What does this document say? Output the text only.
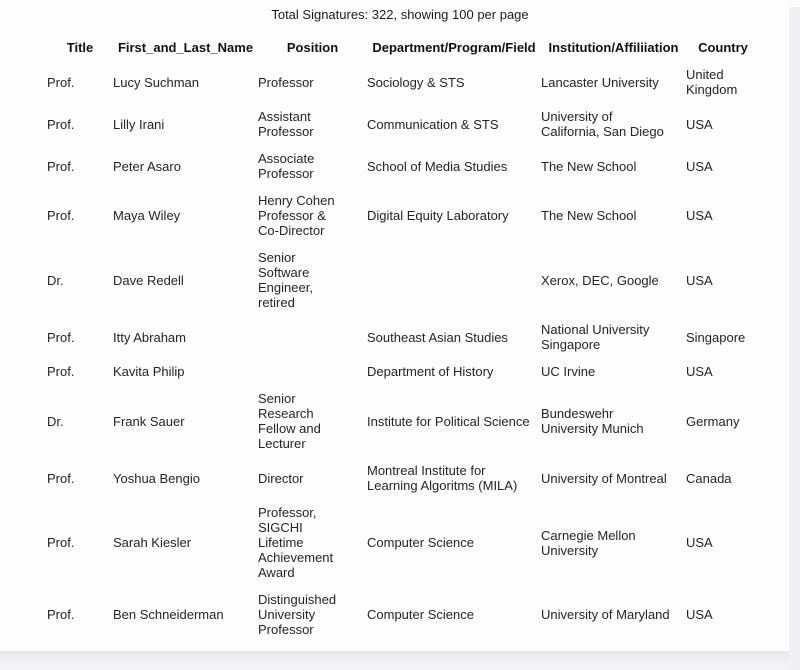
Total Signatures: 322, showing 100 per page
Title	First_and_Last_Name	Position	Department/Program/Field	Institution/Affiliiation	Country
Prof.	Lucy Suchman	Professor	Sociology & STS	Lancaster University	United Kingdom
Prof.	Lilly Irani	Assistant Professor	Communication & STS	University of California, San Diego	USA
Prof.	Peter Asaro	Associate Professor	School of Media Studies	The New School	USA
Prof.	Maya Wiley	Henry Cohen Professor & Co-Director	Digital Equity Laboratory	The New School	USA
Dr.	Dave Redell	Senior Software Engineer, retired		Xerox, DEC, Google	USA
Prof.	Itty Abraham		Southeast Asian Studies	National University Singapore	Singapore
Prof.	Kavita Philip		Department of History	UC Irvine	USA
Dr.	Frank Sauer	Senior Research Fellow and Lecturer	Institute for Political Science	Bundeswehr University Munich	Germany
Prof.	Yoshua Bengio	Director	Montreal Institute for Learning Algoritms (MILA)	University of Montreal	Canada
Prof.	Sarah Kiesler	Professor, SIGCHI Lifetime Achievement Award	Computer Science	Carnegie Mellon University	USA
Prof.	Ben Schneiderman	Distinguished University Professor	Computer Science	University of Maryland	USA
